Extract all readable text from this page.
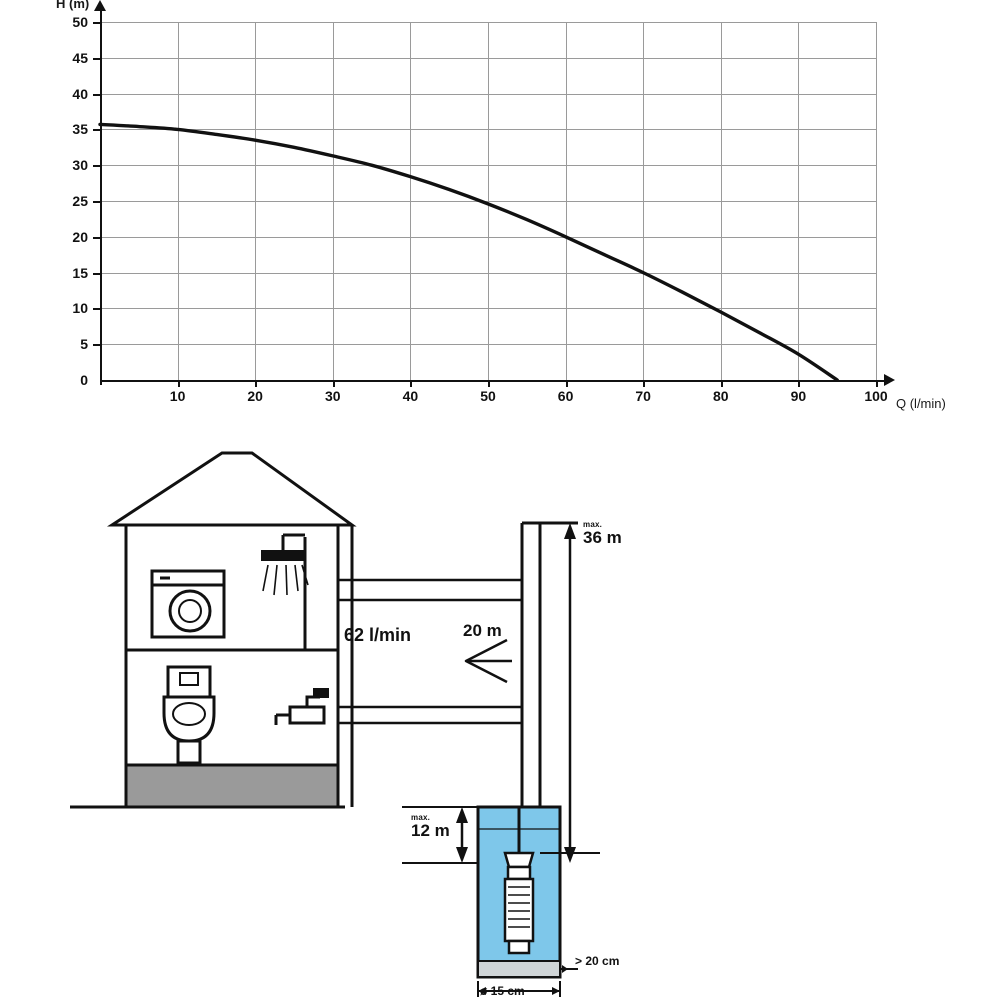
H (m)
Q (l/min)
50
45
40
35
30
25
20
15
10
5
0
10	20	30	40	50	60	70	80	90	100
max.
36 m
max.
12 m
20 m
62 l/min
> 20 cm
ø 15 cm
